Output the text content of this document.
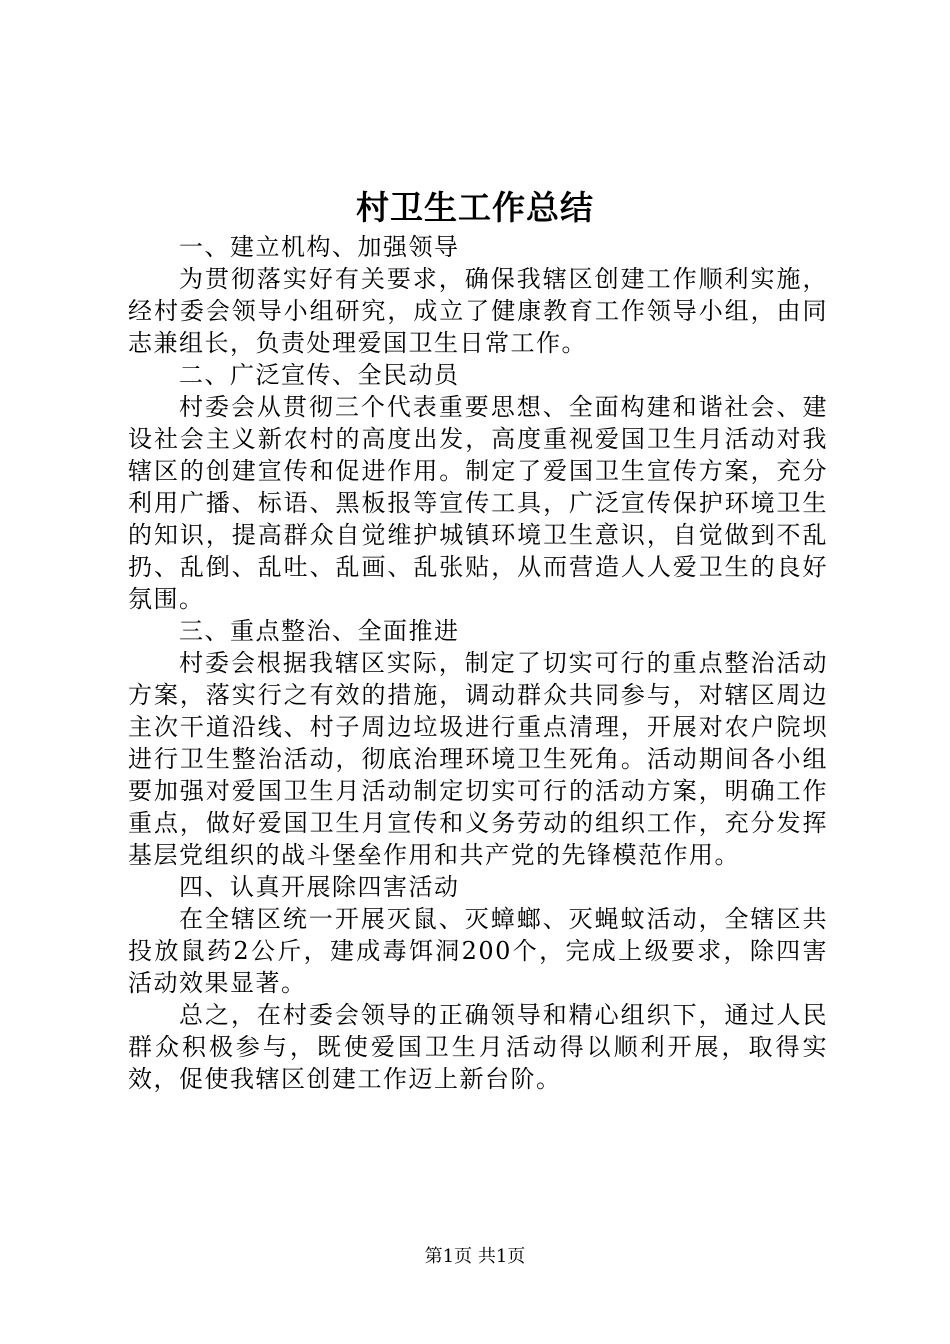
村卫生工作总结

一、建立机构、加强领导

为贯彻落实好有关要求，确保我辖区创建工作顺利实施，经村委会领导小组研究，成立了健康教育工作领导小组，由同志兼组长，负责处理爱国卫生日常工作。

二、广泛宣传、全民动员

村委会从贯彻三个代表重要思想、全面构建和谐社会、建设社会主义新农村的高度出发，高度重视爱国卫生月活动对我辖区的创建宣传和促进作用。制定了爱国卫生宣传方案，充分利用广播、标语、黑板报等宣传工具，广泛宣传保护环境卫生的知识，提高群众自觉维护城镇环境卫生意识，自觉做到不乱扔、乱倒、乱吐、乱画、乱张贴，从而营造人人爱卫生的良好氛围。

三、重点整治、全面推进

村委会根据我辖区实际，制定了切实可行的重点整治活动方案，落实行之有效的措施，调动群众共同参与，对辖区周边主次干道沿线、村子周边垃圾进行重点清理，开展对农户院坝进行卫生整治活动，彻底治理环境卫生死角。活动期间各小组要加强对爱国卫生月活动制定切实可行的活动方案，明确工作重点，做好爱国卫生月宣传和义务劳动的组织工作，充分发挥基层党组织的战斗堡垒作用和共产党的先锋模范作用。

四、认真开展除四害活动

在全辖区统一开展灭鼠、灭蟑螂、灭蝇蚊活动，全辖区共投放鼠药2公斤，建成毒饵洞200个，完成上级要求，除四害活动效果显著。

总之，在村委会领导的正确领导和精心组织下，通过人民群众积极参与，既使爱国卫生月活动得以顺利开展，取得实效，促使我辖区创建工作迈上新台阶。

第1页 共1页
